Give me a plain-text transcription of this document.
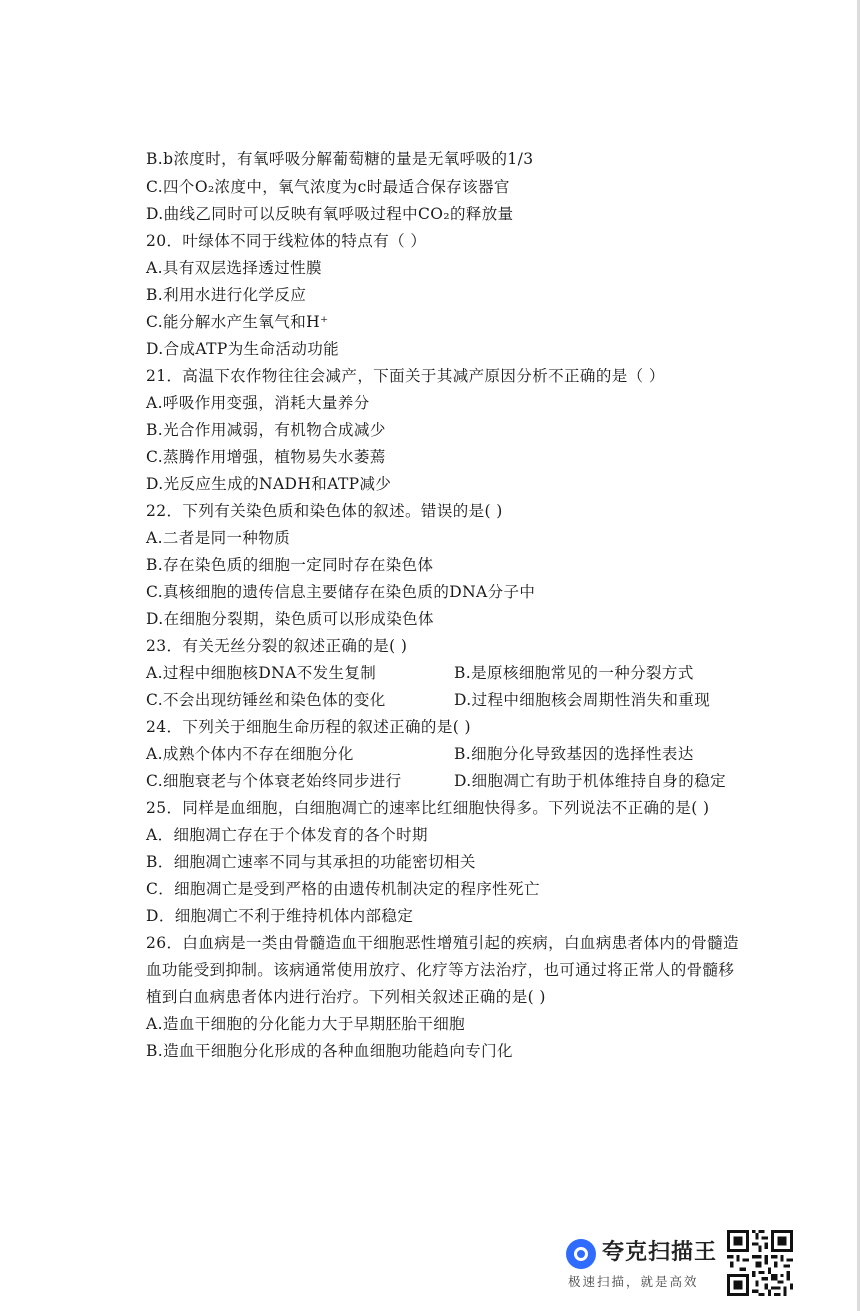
B.b浓度时，有氧呼吸分解葡萄糖的量是无氧呼吸的1/3
C.四个O₂浓度中，氧气浓度为c时最适合保存该器官
D.曲线乙同时可以反映有氧呼吸过程中CO₂的释放量
20．叶绿体不同于线粒体的特点有（ ）
A.具有双层选择透过性膜
B.利用水进行化学反应
C.能分解水产生氧气和H⁺
D.合成ATP为生命活动功能
21．高温下农作物往往会减产，下面关于其减产原因分析不正确的是（ ）
A.呼吸作用变强，消耗大量养分
B.光合作用减弱，有机物合成减少
C.蒸腾作用增强，植物易失水萎蔫
D.光反应生成的NADH和ATP减少
22．下列有关染色质和染色体的叙述。错误的是( )
A.二者是同一种物质
B.存在染色质的细胞一定同时存在染色体
C.真核细胞的遗传信息主要储存在染色质的DNA分子中
D.在细胞分裂期，染色质可以形成染色体
23．有关无丝分裂的叙述正确的是( )
A.过程中细胞核DNA不发生复制	B.是原核细胞常见的一种分裂方式
C.不会出现纺锤丝和染色体的变化	D.过程中细胞核会周期性消失和重现
24．下列关于细胞生命历程的叙述正确的是( )
A.成熟个体内不存在细胞分化	B.细胞分化导致基因的选择性表达
C.细胞衰老与个体衰老始终同步进行	D.细胞凋亡有助于机体维持自身的稳定
25．同样是血细胞，白细胞凋亡的速率比红细胞快得多。下列说法不正确的是( )
A．细胞凋亡存在于个体发育的各个时期
B．细胞凋亡速率不同与其承担的功能密切相关
C．细胞凋亡是受到严格的由遗传机制决定的程序性死亡
D．细胞凋亡不利于维持机体内部稳定
26．白血病是一类由骨髓造血干细胞恶性增殖引起的疾病，白血病患者体内的骨髓造
血功能受到抑制。该病通常使用放疗、化疗等方法治疗，也可通过将正常人的骨髓移
植到白血病患者体内进行治疗。下列相关叙述正确的是( )
A.造血干细胞的分化能力大于早期胚胎干细胞
B.造血干细胞分化形成的各种血细胞功能趋向专门化
夸克扫描王
极速扫描，就是高效
